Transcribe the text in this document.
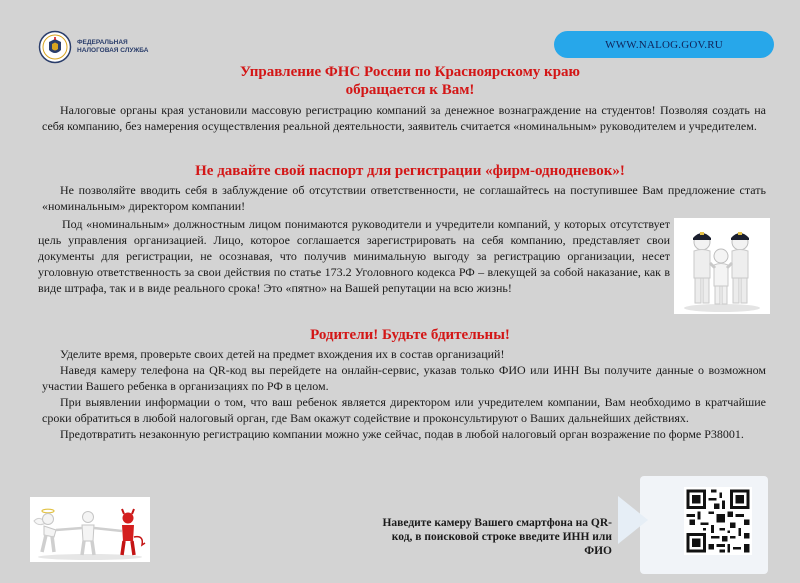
ФЕДЕРАЛЬНАЯ
НАЛОГОВАЯ СЛУЖБА	WWW.NALOG.GOV.RU

Управление ФНС России по Красноярскому краю

обращается к Вам!

Налоговые органы края установили массовую регистрацию компаний за денежное вознаграждение на студентов! Позволяя создать на себя компанию, без намерения осуществления реальной деятельности, заявитель считается «номинальным» руководителем и учредителем.

Не давайте свой паспорт для регистрации «фирм-однодневок»!

Не позволяйте вводить себя в заблуждение об отсутствии ответственности, не соглашайтесь на поступившее Вам предложение стать «номинальным» директором компании!

Под «номинальным» должностным лицом понимаются руководители и учредители компаний, у которых отсутствует цель управления организацией. Лицо, которое соглашается зарегистрировать на себя компанию, представляет свои документы для регистрации, не осознавая, что получив минимальную выгоду за регистрацию организации, несет уголовную ответственность за свои действия по статье 173.2 Уголовного кодекса РФ – влекущей за собой наказание, как в виде штрафа, так и в виде реального срока! Это «пятно» на Вашей репутации на всю жизнь!

Родители! Будьте бдительны!

Уделите время, проверьте своих детей на предмет вхождения их в состав организаций!

Наведя камеру телефона на QR-код вы перейдете на онлайн-сервис, указав только ФИО или ИНН Вы получите данные о возможном участии Вашего ребенка в организациях по РФ в целом.

При выявлении информации о том, что ваш ребенок является директором или учредителем компании, Вам необходимо в кратчайшие сроки обратиться в любой налоговый орган, где Вам окажут содействие и проконсультируют о Ваших дальнейших действиях.

Предотвратить незаконную регистрацию компании можно уже сейчас, подав в любой налоговый орган возражение по форме Р38001.

Наведите камеру Вашего смартфона на QR-код, в поисковой строке введите ИНН или ФИО
